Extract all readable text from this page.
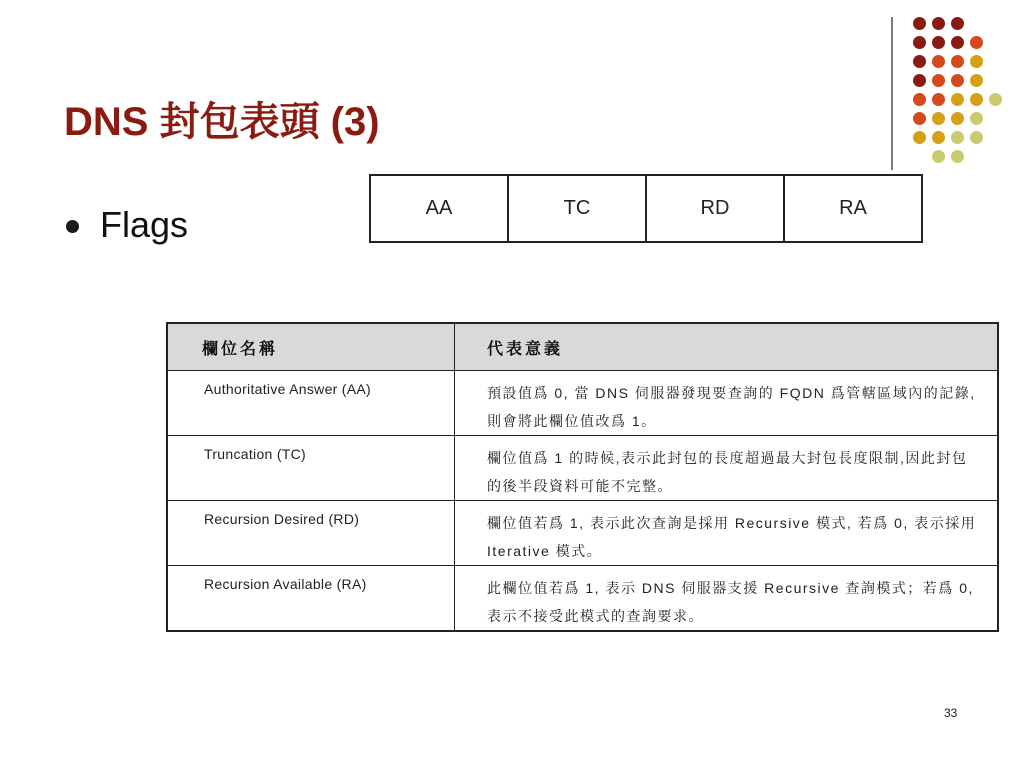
DNS 封包表頭 (3)
Flags	AA	TC	RD	RA
欄位名稱	代表意義
Authoritative Answer (AA)	預設值爲 0, 當 DNS 伺服器發現要查詢的 FQDN 爲管轄區域內的記錄,則會將此欄位值改爲 1。
Truncation (TC)	欄位值爲 1 的時候,表示此封包的長度超過最大封包長度限制,因此封包的後半段資料可能不完整。
Recursion Desired (RD)	欄位值若爲 1, 表示此次查詢是採用 Recursive 模式, 若爲 0, 表示採用 Iterative 模式。
Recursion Available (RA)	此欄位值若爲 1, 表示 DNS 伺服器支援 Recursive 查詢模式；若爲 0,表示不接受此模式的查詢要求。
33
